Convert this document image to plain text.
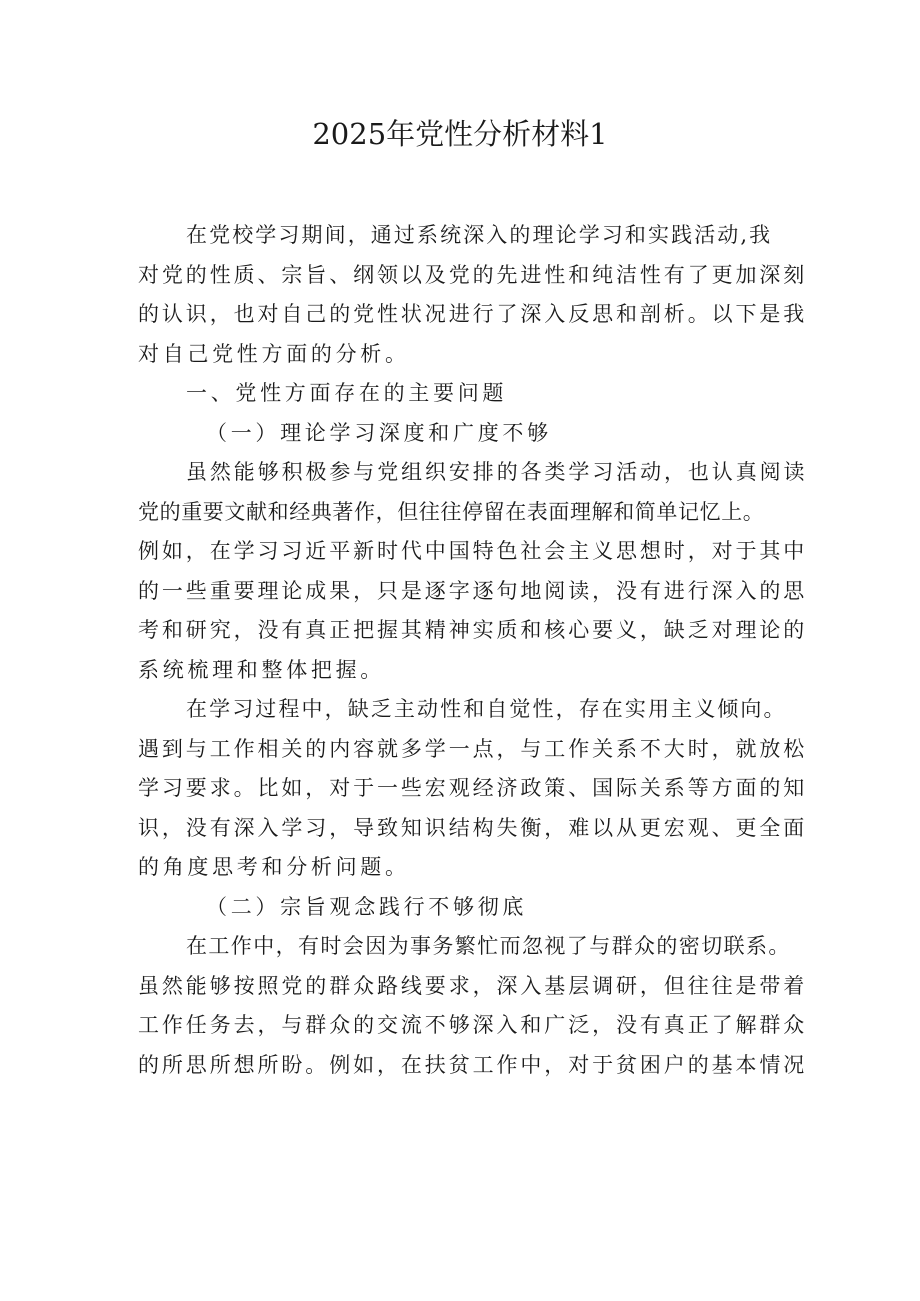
2025年党性分析材料1
在党校学习期间，通过系统深入的理论学习和实践活动,我
对党的性质、宗旨、纲领以及党的先进性和纯洁性有了更加深刻
的认识，也对自己的党性状况进行了深入反思和剖析。以下是我
对自己党性方面的分析。
一、党性方面存在的主要问题
（一）理论学习深度和广度不够
虽然能够积极参与党组织安排的各类学习活动，也认真阅读
党的重要文献和经典著作，但往往停留在表面理解和简单记忆上。
例如，在学习习近平新时代中国特色社会主义思想时，对于其中
的一些重要理论成果，只是逐字逐句地阅读，没有进行深入的思
考和研究，没有真正把握其精神实质和核心要义，缺乏对理论的
系统梳理和整体把握。
在学习过程中，缺乏主动性和自觉性，存在实用主义倾向。
遇到与工作相关的内容就多学一点，与工作关系不大时，就放松
学习要求。比如，对于一些宏观经济政策、国际关系等方面的知
识，没有深入学习，导致知识结构失衡，难以从更宏观、更全面
的角度思考和分析问题。
（二）宗旨观念践行不够彻底
在工作中，有时会因为事务繁忙而忽视了与群众的密切联系。
虽然能够按照党的群众路线要求，深入基层调研，但往往是带着
工作任务去，与群众的交流不够深入和广泛，没有真正了解群众
的所思所想所盼。例如，在扶贫工作中，对于贫困户的基本情况
